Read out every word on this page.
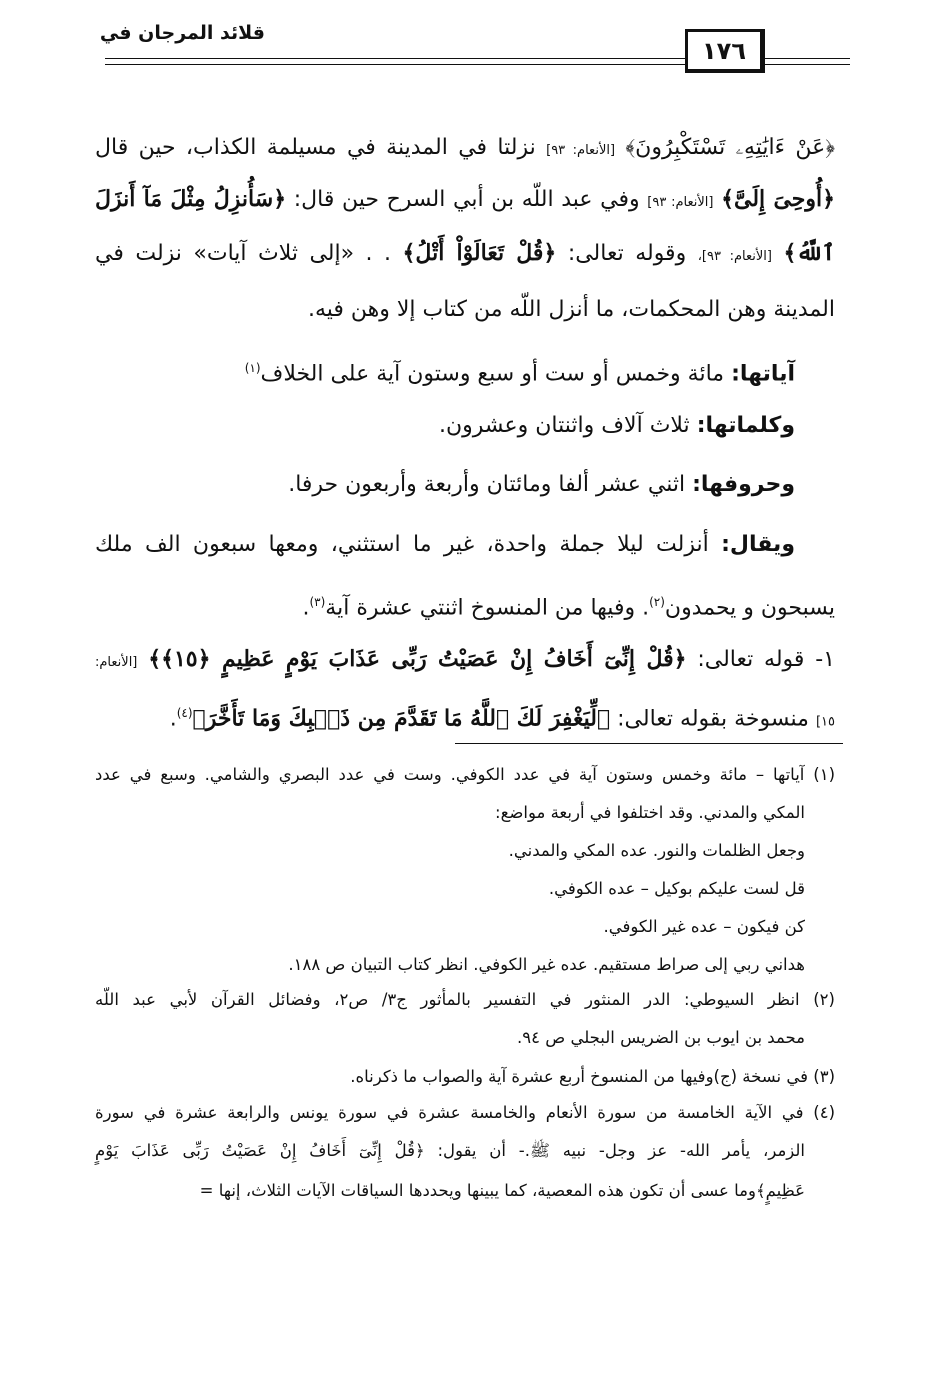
قلائد المرجان في
١٧٦
﴿عَنْ ءَايَٰتِهِۦ تَسْتَكْبِرُونَ﴾ [الأنعام: ٩٣] نزلتا في المدينة في مسيلمة الكذاب، حين قال
﴿أُوحِىَ إِلَىَّ﴾ [الأنعام: ٩٣] وفي عبد اللّه بن أبي السرح حين قال: ﴿سَأُنزِلُ مِثْلَ مَآ أَنزَلَ
ٱللَّهُ﴾ [الأنعام: ٩٣]، وقوله تعالى: ﴿قُلْ تَعَالَوْاْ أَتْلُ﴾ . . «إلى ثلاث آيات» نزلت في
المدينة وهن المحكمات، ما أنزل اللّه من كتاب إلا وهن فيه.
آياتها: مائة وخمس أو ست أو سبع وستون آية على الخلاف$^{(١)}$
وكلماتها: ثلاث آلاف واثنتان وعشرون.
وحروفها: اثني عشر ألفا ومائتان وأربعة وأربعون حرفا.
ويقال: أنزلت ليلا جملة واحدة، غير ما استثني، ومعها سبعون الف ملك
يسبحون و يحمدون$^{(٢)}$. وفيها من المنسوخ اثنتي عشرة آية$^{(٣)}$.
١- قوله تعالى: ﴿قُلْ إِنِّىٓ أَخَافُ إِنْ عَصَيْتُ رَبِّى عَذَابَ يَوْمٍ عَظِيمٍ ﴿١٥﴾﴾ [الأنعام:
١٥] منسوخة بقوله تعالى: ﴿لِّيَغْفِرَ لَكَ ٱللَّهُ مَا تَقَدَّمَ مِن ذَنۢبِكَ وَمَا تَأَخَّرَ﴾$^{(٤)}$.
(١) آياتها – مائة وخمس وستون آية في عدد الكوفي. وست في عدد البصري والشامي. وسبع في عدد
المكي والمدني. وقد اختلفوا في أربعة مواضع:
وجعل الظلمات والنور. عده المكي والمدني.
قل لست عليكم بوكيل – عده الكوفي.
كن فيكون – عده غير الكوفي.
هداني ربي إلى صراط مستقيم. عده غير الكوفي. انظر كتاب التبيان ص ١٨٨.
(٢) انظر السيوطي: الدر المنثور في التفسير بالمأثور ج٣/ ص٢، وفضائل القرآن لأبي عبد اللّه
محمد بن ايوب بن الضريس البجلي ص ٩٤.
(٣) في نسخة (ج)وفيها من المنسوخ أربع عشرة آية والصواب ما ذكرناه.
(٤) في الآية الخامسة من سورة الأنعام والخامسة عشرة في سورة يونس والرابعة عشرة في سورة
الزمر، يأمر الله- عز وجل- نبيه ﷺ.- أن يقول: ﴿قُلْ إِنِّىٓ أَخَافُ إِنْ عَصَيْتُ رَبِّى عَذَابَ يَوْمٍ
عَظِيمٍ﴾وما عسى أن تكون هذه المعصية، كما يبينها ويحددها السياقات الآيات الثلاث، إنها =
